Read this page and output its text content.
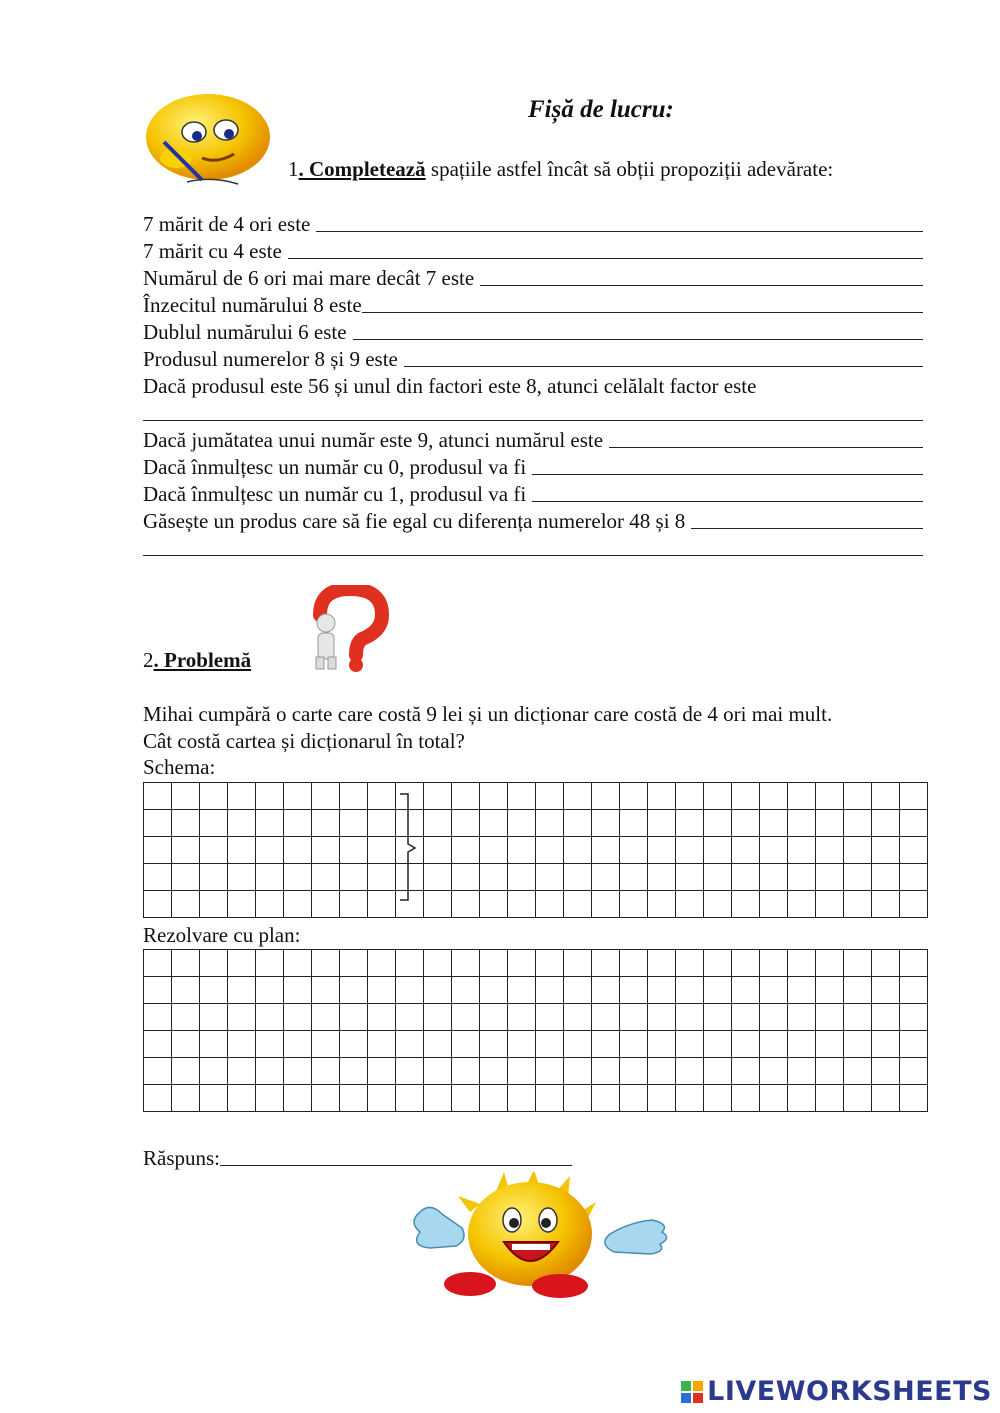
Fișă de lucru:
1. Completează spațiile astfel încât să obții propoziții adevărate:
7 mărit de 4 ori este
7 mărit cu 4 este
Numărul de 6 ori mai mare decât 7 este
Înzecitul numărului 8 este
Dublul numărului 6 este
Produsul numerelor 8 și 9 este
Dacă produsul este 56 și unul din factori este 8, atunci celălalt factor este
Dacă jumătatea unui număr este 9, atunci numărul este
Dacă înmulțesc un număr cu 0, produsul va fi
Dacă înmulțesc un număr cu 1, produsul va fi
Găsește un produs care să fie egal cu diferența numerelor 48 și 8
2. Problemă
Mihai cumpără o carte care costă 9 lei și un dicționar care costă de 4 ori mai mult.
Cât costă cartea și dicționarul în total?
Schema:
Rezolvare cu plan:
Răspuns:
LIVEWORKSHEETS
